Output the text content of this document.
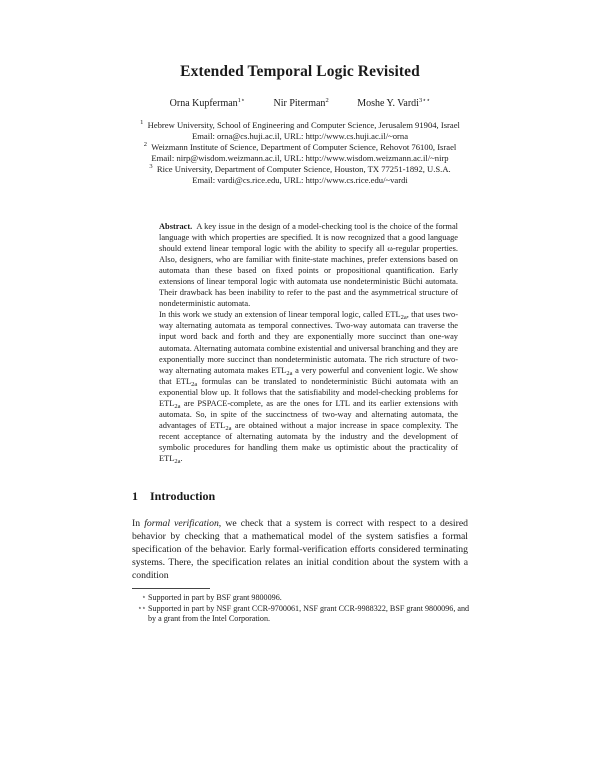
Extended Temporal Logic Revisited
Orna Kupferman$^{1⋆}$	Nir Piterman$^2$	Moshe Y. Vardi$^{3⋆⋆}$
$^1$ Hebrew University, School of Engineering and Computer Science, Jerusalem 91904, Israel
Email: orna@cs.huji.ac.il, URL: http://www.cs.huji.ac.il/~orna
$^2$ Weizmann Institute of Science, Department of Computer Science, Rehovot 76100, Israel
Email: nirp@wisdom.weizmann.ac.il, URL: http://www.wisdom.weizmann.ac.il/~nirp
$^3$ Rice University, Department of Computer Science, Houston, TX 77251-1892, U.S.A.
Email: vardi@cs.rice.edu, URL: http://www.cs.rice.edu/~vardi

Abstract. A key issue in the design of a model-checking tool is the choice of the formal language with which properties are specified. It is now recognized that a good language should extend linear temporal logic with the ability to specify all ω-regular properties. Also, designers, who are familiar with finite-state machines, prefer extensions based on automata than these based on fixed points or propositional quantification. Early extensions of linear temporal logic with automata use nondeterministic Büchi automata. Their drawback has been inability to refer to the past and the asymmetrical structure of nondeterministic automata.

In this work we study an extension of linear temporal logic, called $ETL_{2a}$, that uses two-way alternating automata as temporal connectives. Two-way automata can traverse the input word back and forth and they are exponentially more succinct than one-way automata. Alternating automata combine existential and universal branching and they are exponentially more succinct than nondeterministic automata. The rich structure of two-way alternating automata makes $ETL_{2a}$ a very powerful and convenient logic. We show that $ETL_{2a}$ formulas can be translated to nondeterministic Büchi automata with an exponential blow up. It follows that the satisfiability and model-checking problems for $ETL_{2a}$ are PSPACE-complete, as are the ones for LTL and its earlier extensions with automata. So, in spite of the succinctness of two-way and alternating automata, the advantages of $ETL_{2a}$ are obtained without a major increase in space complexity. The recent acceptance of alternating automata by the industry and the development of symbolic procedures for handling them make us optimistic about the practicality of $ETL_{2a}$.

1 Introduction

In formal verification, we check that a system is correct with respect to a desired behavior by checking that a mathematical model of the system satisfies a formal specification of the behavior. Early formal-verification efforts considered terminating systems. There, the specification relates an initial condition about the system with a condition

⋆ Supported in part by BSF grant 9800096.
⋆⋆ Supported in part by NSF grant CCR-9700061, NSF grant CCR-9988322, BSF grant 9800096, and by a grant from the Intel Corporation.
